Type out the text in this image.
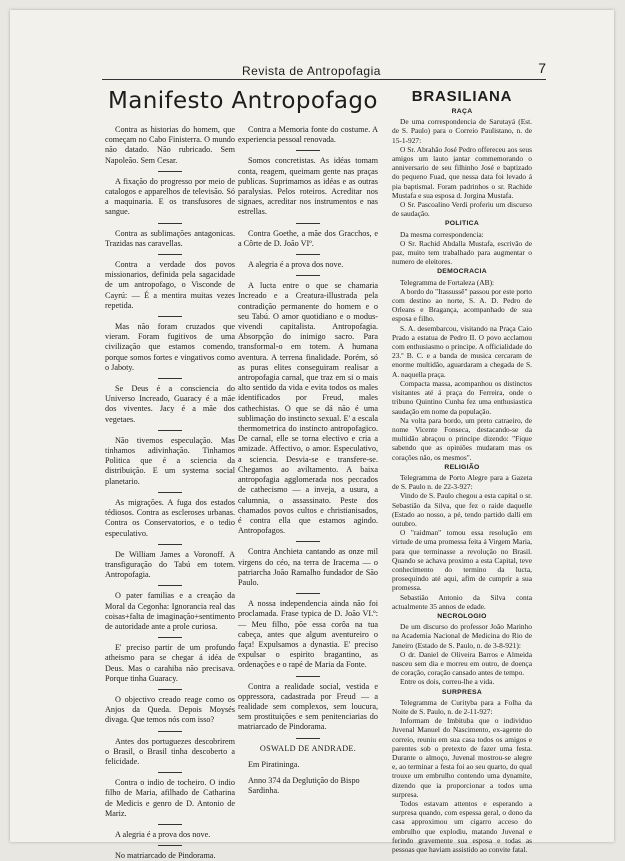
Revista de Antropofagia	7
Manifesto Antropofago

Contra as historias do homem, que começam no Cabo Finisterra. O mundo não datado. Não rubricado. Sem Napoleão. Sem Cesar.

A fixação do progresso por meio de catalogos e apparelhos de televisão. Só a maquinaria. E os transfusores de sangue.

Contra as sublimações antagonicas. Trazidas nas caravellas.

Contra a verdade dos povos missionarios, definida pela sagacidade de um antropofago, o Visconde de Cayrú: — É a mentira muitas vezes repetida.

Mas não foram cruzados que vieram. Foram fugitivos de uma civilização que estamos comendo, porque somos fortes e vingativos como o Jaboty.

Se Deus é a consciencia do Universo Increado, Guaracy é a mãe dos viventes. Jacy é a mãe dos vegetaes.

Não tivemos especulação. Mas tinhamos adivinhação. Tinhamos Politica que é a sciencia da distribuição. E um systema social planetario.

As migrações. A fuga dos estados tédiosos. Contra as escleroses urbanas. Contra os Conservatorios, e o tedio especulativo.

De William James a Voronoff. A transfiguração do Tabú em totem. Antropofagia.

O pater familias e a creação da Moral da Cegonha: Ignorancia real das coisas+falta de imaginação+sentimento de autoridade ante a prole curiosa.

E' preciso partir de um profundo atheismo para se chegar á idéa de Deus. Mas o carahiba não precisava. Porque tinha Guaracy.

O objectivo creado reage como os Anjos da Queda. Depois Moysés divaga. Que temos nós com isso?

Antes dos portuguezes descobrirem o Brasil, o Brasil tinha descoberto a felicidade.

Contra o indio de tocheiro. O indio filho de Maria, afilhado de Catharina de Medicis e genro de D. Antonio de Mariz.

A alegria é a prova dos nove.

No matriarcado de Pindorama.

Contra a Memoria fonte do costume. A experiencia pessoal renovada.

Somos concretistas. As idéas tomam conta, reagem, queimam gente nas praças publicas. Suprimamos as idéas e as outras paralysias. Pelos roteiros. Acreditar nos signaes, acreditar nos instrumentos e nas estrellas.

Contra Goethe, a mãe dos Gracchos, e a Côrte de D. João VIº.

A alegria é a prova dos nove.

A lucta entre o que se chamaria Increado e a Creatura-illustrada pela contradição permanente do homem e o seu Tabú. O amor quotidiano e o modus-vivendi capitalista. Antropofagia. Absorpção do inimigo sacro. Para transformal-o em totem. A humana aventura. A terrena finalidade. Porém, só as puras elites conseguiram realisar a antropofagia carnal, que traz em si o mais alto sentido da vida e evita todos os males identificados por Freud, males cathechistas. O que se dá não é uma sublimação do instincto sexual. E' a escala thermometrica do instincto antropofagico. De carnal, elle se torna electivo e cria a amizade. Affectivo, o amor. Especulativo, a sciencia. Desvia-se e transfere-se. Chegamos ao aviltamento. A baixa antropofagia agglomerada nos peccados de cathecismo — a inveja, a usura, a calumnia, o assassinato. Peste dos chamados povos cultos e christianisados, é contra ella que estamos agindo. Antropofagos.

Contra Anchieta cantando as onze mil virgens do céo, na terra de Iracema — o patriarcha João Ramalho fundador de São Paulo.

A nossa independencia ainda não foi proclamada. Frase typica de D. João VI.º: — Meu filho, põe essa corôa na tua cabeça, antes que algum aventureiro o faça! Expulsamos a dynastia. E' preciso expulsar o espirito bragantino, as ordenações e o rapé de Maria da Fonte.

Contra a realidade social, vestida e oppressora, cadastrada por Freud — a realidade sem complexos, sem loucura, sem prostituições e sem penitenciarias do matriarcado de Pindorama.

OSWALD DE ANDRADE.

Em Piratininga.

Anno 374 da Deglutição do Bispo Sardinha.

BRASILIANA
RAÇA

De uma correspondencia de Sarutayá (Est. de S. Paulo) para o Correio Paulistano, n. de 15-1-927:

O Sr. Abrahão José Pedro offereceu aos seus amigos um lauto jantar commemorando o anniversario de seu filhinho José e baptizado do pequeno Fuad, que nessa data foi levado á pia baptismal. Foram padrinhos o sr. Rachide Mustafa e sua esposa d. Jorgina Mustafa.

O Sr. Pascoalino Verdi proferiu um discurso de saudação.

POLITICA

Da mesma correspondencia:

O Sr. Rachid Abdalla Mustafa, escrivão de paz, muito tem trabalhado para augmentar o numero de eleitores.

DEMOCRACIA

Telegramma de Fortaleza (AB):

A bordo do "Itassussê" passou por este porto com destino ao norte, S. A. D. Pedro de Orleans e Bragança, acompanhado de sua esposa e filho.

S. A. desembarcou, visitando na Praça Caio Prado a estatua de Pedro II. O povo acclamou com enthusiasmo o principe. A officialidade do 23.º B. C. e a banda de musica cercaram de enorme multidão, aguardaram a chegada de S. A. naquella praça.

Compacta massa, acompanhou os distinctos visitantes até á praça do Ferreira, onde o tribuno Quintino Cunha fez uma enthusiastica saudação em nome da população.

Na volta para bordo, um preto catraeiro, de nome Vicente Fonseca, destacando-se da multidão abraçou o principe dizendo: "Fique sabendo que as opiniões mudaram mas os corações não, os mesmos".

RELIGIÃO

Telegramma de Porto Alegre para a Gazeta de S. Paulo n. de 22-3-927:

Vindo de S. Paulo chegou a esta capital o sr. Sebastião da Silva, que fez o raide daquelle (Estado ao nosso, a pé, tendo partido dalli em outubro.

O "raidman" tomou essa resolução em virtude de uma promessa feita á Virgem Maria, para que terminasse a revolução no Brasil. Quando se achava proximo a esta Capital, teve conhecimento do termino da lucta, prosequindo até aqui, afim de cumprir a sua promessa.

Sebastião Antonio da Silva conta actualmente 35 annos de edade.

NECROLOGIO

De um discurso do professor João Marinho na Academia Nacional de Medicina do Rio de Janeiro (Estado de S. Paulo, n. de 3-8-921):

O dr. Daniel de Oliveira Barros e Almeida nasceu sem dia e morreu em outro, de doença de coração, coração cansado antes de tempo.

Entre os dois, correu-lhe a vida.

SURPRESA

Telegramma de Curityba para a Folha da Noite de S. Paulo, n. de 2-11-927:

Informam de Imbituba que o individuo Juvenal Manuel do Nascimento, ex-agente do correio, reuniu em sua casa todos os amigos e parentes sob o pretexto de fazer uma festa. Durante o almoço, Juvenal mostrou-se alegre e, ao terminar a festa foi ao seu quarto, do qual trouxe um embrulho contendo uma dynamite, dizendo que ia proporcionar a todos uma surpresa.

Todos estavam attentos e esperando a surpresa quando, com espessa geral, o dono da casa approximou um cigarro acceso do embrulho que explodiu, matando Juvenal e ferindo gravemente sua esposa e todas as pessoas que haviam assistido ao convite fatal.
